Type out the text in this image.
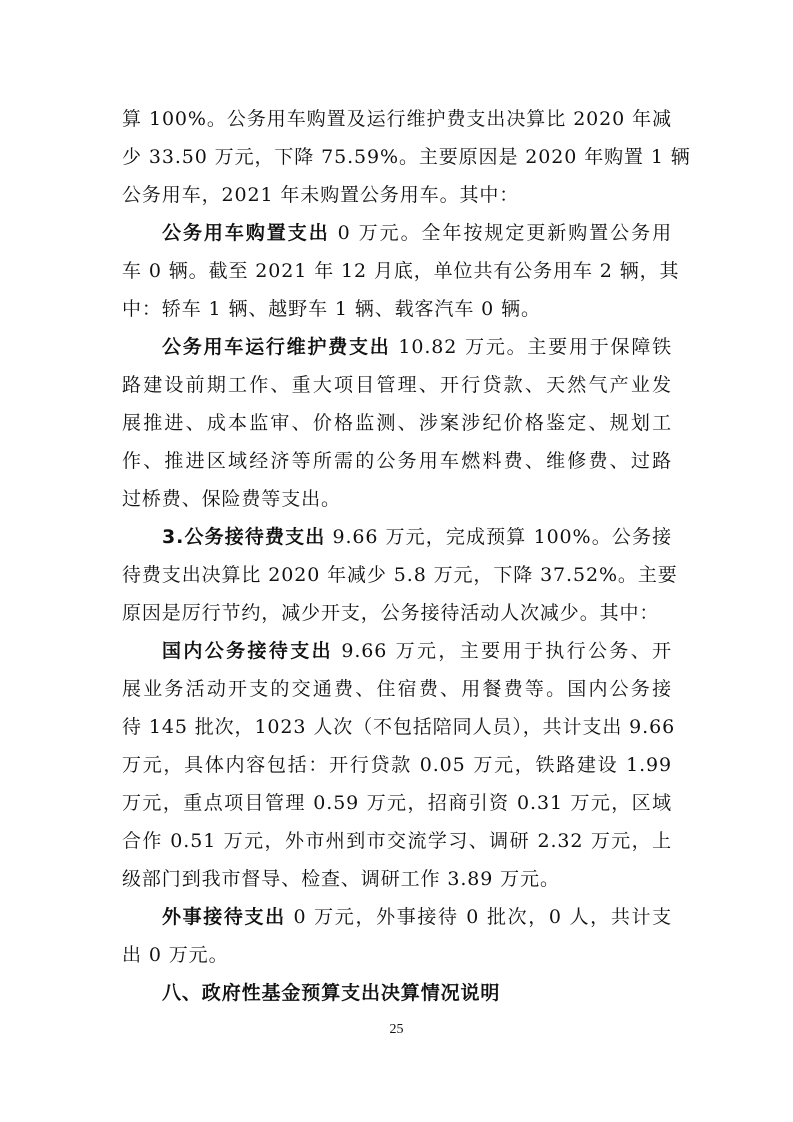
算 100%。公务用车购置及运行维护费支出决算比 2020 年减
少 33.50 万元，下降 75.59%。主要原因是 2020 年购置 1 辆
公务用车，2021 年未购置公务用车。其中：
公务用车购置支出 0 万元。全年按规定更新购置公务用
车 0 辆。截至 2021 年 12 月底，单位共有公务用车 2 辆，其
中：轿车 1 辆、越野车 1 辆、载客汽车 0 辆。
公务用车运行维护费支出 10.82 万元。主要用于保障铁
路建设前期工作、重大项目管理、开行贷款、天然气产业发
展推进、成本监审、价格监测、涉案涉纪价格鉴定、规划工
作、推进区域经济等所需的公务用车燃料费、维修费、过路
过桥费、保险费等支出。
3.公务接待费支出 9.66 万元，完成预算 100%。公务接
待费支出决算比 2020 年减少 5.8 万元，下降 37.52%。主要
原因是厉行节约，减少开支，公务接待活动人次减少。其中：
国内公务接待支出 9.66 万元，主要用于执行公务、开
展业务活动开支的交通费、住宿费、用餐费等。国内公务接
待 145 批次，1023 人次（不包括陪同人员），共计支出 9.66
万元，具体内容包括：开行贷款 0.05 万元，铁路建设 1.99
万元，重点项目管理 0.59 万元，招商引资 0.31 万元，区域
合作 0.51 万元，外市州到市交流学习、调研 2.32 万元，上
级部门到我市督导、检查、调研工作 3.89 万元。
外事接待支出 0 万元，外事接待 0 批次，0 人，共计支
出 0 万元。
八、政府性基金预算支出决算情况说明
25
